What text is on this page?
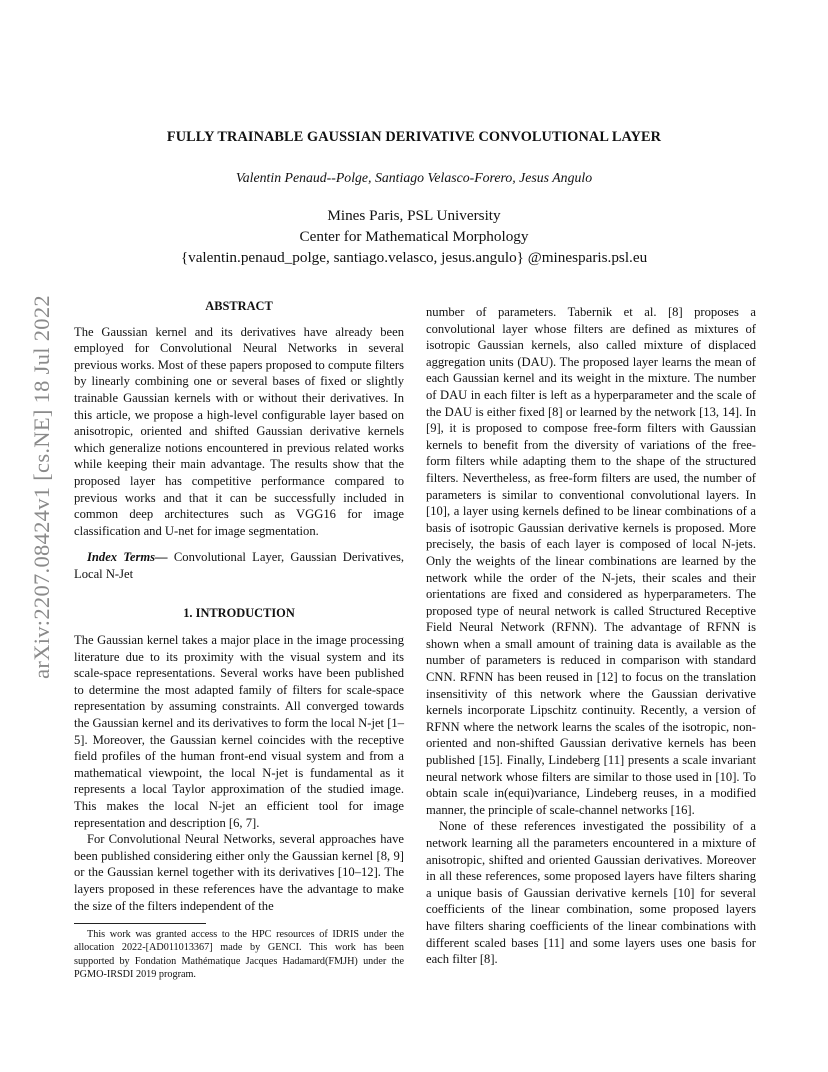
arXiv:2207.08424v1 [cs.NE] 18 Jul 2022
FULLY TRAINABLE GAUSSIAN DERIVATIVE CONVOLUTIONAL LAYER
Valentin Penaud--Polge, Santiago Velasco-Forero, Jesus Angulo
Mines Paris, PSL University
Center for Mathematical Morphology
{valentin.penaud_polge, santiago.velasco, jesus.angulo} @minesparis.psl.eu
ABSTRACT

The Gaussian kernel and its derivatives have already been employed for Convolutional Neural Networks in several previous works. Most of these papers proposed to compute filters by linearly combining one or several bases of fixed or slightly trainable Gaussian kernels with or without their derivatives. In this article, we propose a high-level configurable layer based on anisotropic, oriented and shifted Gaussian derivative kernels which generalize notions encountered in previous related works while keeping their main advantage. The results show that the proposed layer has competitive performance compared to previous works and that it can be successfully included in common deep architectures such as VGG16 for image classification and U-net for image segmentation.

Index Terms— Convolutional Layer, Gaussian Derivatives, Local N-Jet

1. INTRODUCTION

The Gaussian kernel takes a major place in the image processing literature due to its proximity with the visual system and its scale-space representations. Several works have been published to determine the most adapted family of filters for scale-space representation by assuming constraints. All converged towards the Gaussian kernel and its derivatives to form the local N-jet [1–5]. Moreover, the Gaussian kernel coincides with the receptive field profiles of the human front-end visual system and from a mathematical viewpoint, the local N-jet is fundamental as it represents a local Taylor approximation of the studied image. This makes the local N-jet an efficient tool for image representation and description [6, 7].

For Convolutional Neural Networks, several approaches have been published considering either only the Gaussian kernel [8, 9] or the Gaussian kernel together with its derivatives [10–12]. The layers proposed in these references have the advantage to make the size of the filters independent of the

number of parameters. Tabernik et al. [8] proposes a convolutional layer whose filters are defined as mixtures of isotropic Gaussian kernels, also called mixture of displaced aggregation units (DAU). The proposed layer learns the mean of each Gaussian kernel and its weight in the mixture. The number of DAU in each filter is left as a hyperparameter and the scale of the DAU is either fixed [8] or learned by the network [13, 14]. In [9], it is proposed to compose free-form filters with Gaussian kernels to benefit from the diversity of variations of the free-form filters while adapting them to the shape of the structured filters. Nevertheless, as free-form filters are used, the number of parameters is similar to conventional convolutional layers. In [10], a layer using kernels defined to be linear combinations of a basis of isotropic Gaussian derivative kernels is proposed. More precisely, the basis of each layer is composed of local N-jets. Only the weights of the linear combinations are learned by the network while the order of the N-jets, their scales and their orientations are fixed and considered as hyperparameters. The proposed type of neural network is called Structured Receptive Field Neural Network (RFNN). The advantage of RFNN is shown when a small amount of training data is available as the number of parameters is reduced in comparison with standard CNN. RFNN has been reused in [12] to focus on the translation insensitivity of this network where the Gaussian derivative kernels incorporate Lipschitz continuity. Recently, a version of RFNN where the network learns the scales of the isotropic, non-oriented and non-shifted Gaussian derivative kernels has been published [15]. Finally, Lindeberg [11] presents a scale invariant neural network whose filters are similar to those used in [10]. To obtain scale in(equi)variance, Lindeberg reuses, in a modified manner, the principle of scale-channel networks [16].

None of these references investigated the possibility of a network learning all the parameters encountered in a mixture of anisotropic, shifted and oriented Gaussian derivatives. Moreover in all these references, some proposed layers have filters sharing a unique basis of Gaussian derivative kernels [10] for several coefficients of the linear combination, some proposed layers have filters sharing coefficients of the linear combinations with different scaled bases [11] and some layers uses one basis for each filter [8].

This work was granted access to the HPC resources of IDRIS under the allocation 2022-[AD011013367] made by GENCI. This work has been supported by Fondation Mathématique Jacques Hadamard(FMJH) under the PGMO-IRSDI 2019 program.
